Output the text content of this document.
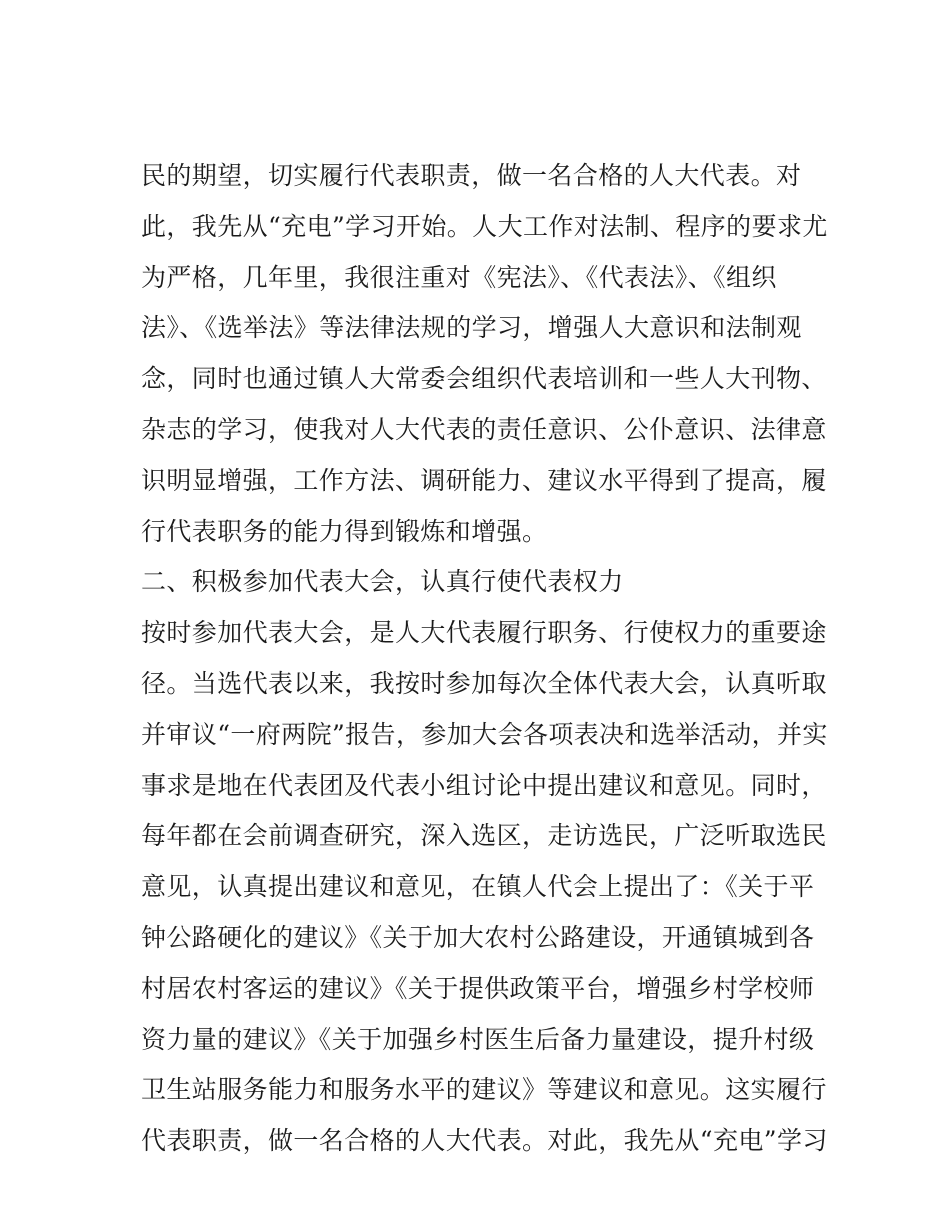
民的期望，切实履行代表职责，做一名合格的人大代表。对
此，我先从“充电”学习开始。人大工作对法制、程序的要求尤
为严格，几年里，我很注重对《宪法》、《代表法》、《组织
法》、《选举法》等法律法规的学习，增强人大意识和法制观
念，同时也通过镇人大常委会组织代表培训和一些人大刊物、
杂志的学习，使我对人大代表的责任意识、公仆意识、法律意
识明显增强，工作方法、调研能力、建议水平得到了提高，履
行代表职务的能力得到锻炼和增强。
二、积极参加代表大会，认真行使代表权力
按时参加代表大会，是人大代表履行职务、行使权力的重要途
径。当选代表以来，我按时参加每次全体代表大会，认真听取
并审议“一府两院”报告，参加大会各项表决和选举活动，并实
事求是地在代表团及代表小组讨论中提出建议和意见。同时，
每年都在会前调查研究，深入选区，走访选民，广泛听取选民
意见，认真提出建议和意见，在镇人代会上提出了：《关于平
钟公路硬化的建议》《关于加大农村公路建设，开通镇城到各
村居农村客运的建议》《关于提供政策平台，增强乡村学校师
资力量的建议》《关于加强乡村医生后备力量建设，提升村级
卫生站服务能力和服务水平的建议》等建议和意见。这实履行
代表职责，做一名合格的人大代表。对此，我先从“充电”学习
